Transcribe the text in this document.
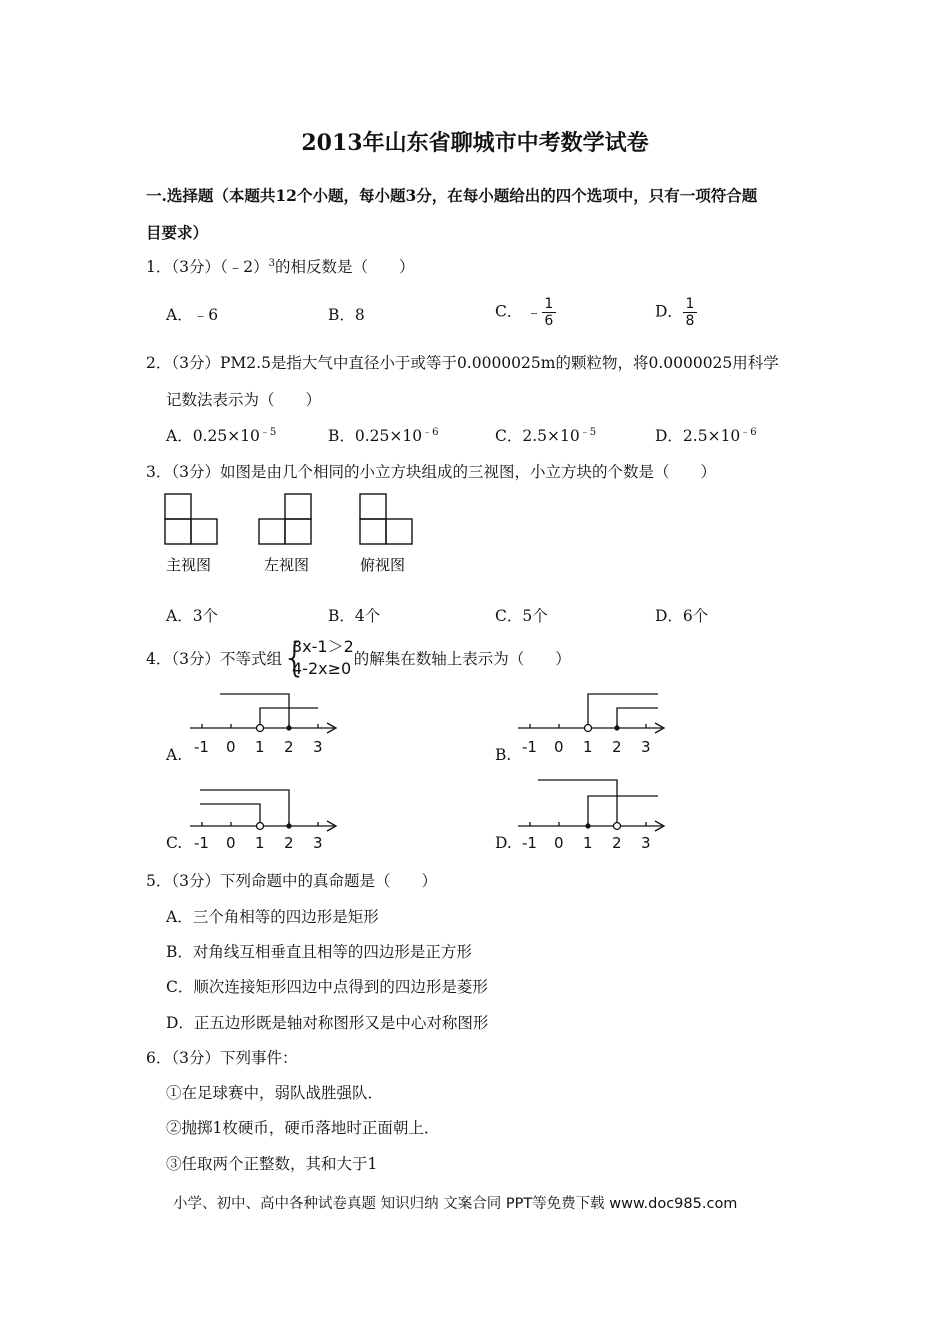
2013年山东省聊城市中考数学试卷
一.选择题（本题共12个小题，每小题3分，在每小题给出的四个选项中，只有一项符合题
目要求）
1．（3分）（﹣2）$^3$的相反数是（　　）
A．﹣6	B．8	C． ﹣ $\frac{1}{6}$	D． $\frac{1}{8}$
2．（3分）PM2.5是指大气中直径小于或等于0.0000025m的颗粒物，将0.0000025用科学
记数法表示为（　　）
A．$0.25\times 10^{﹣5}$	B．$0.25\times 10^{﹣6}$	C．$2.5\times 10^{﹣5}$	D．$2.5\times 10^{﹣6}$
3．（3分）如图是由几个相同的小立方块组成的三视图，小立方块的个数是（　　）
主视图	左视图	俯视图
A．3个	B．4个	C．5个	D．6个
4．（3分）不等式组 {
3x-1＞2
4-2x≥0 的解集在数轴上表示为（　　）
-1 0 1 2 3
A.	-1 0 1 2 3
B.
-1 0 1 2 3
C.	-1 0 1 2 3
D.
5．（3分）下列命题中的真命题是（　　）
A．三个角相等的四边形是矩形
B．对角线互相垂直且相等的四边形是正方形
C．顺次连接矩形四边中点得到的四边形是菱形
D．正五边形既是轴对称图形又是中心对称图形
6．（3分）下列事件：
①在足球赛中，弱队战胜强队．
②抛掷1枚硬币，硬币落地时正面朝上．
③任取两个正整数，其和大于1
小学、初中、高中各种试卷真题 知识归纳 文案合同 PPT等免费下载 www.doc985.com
